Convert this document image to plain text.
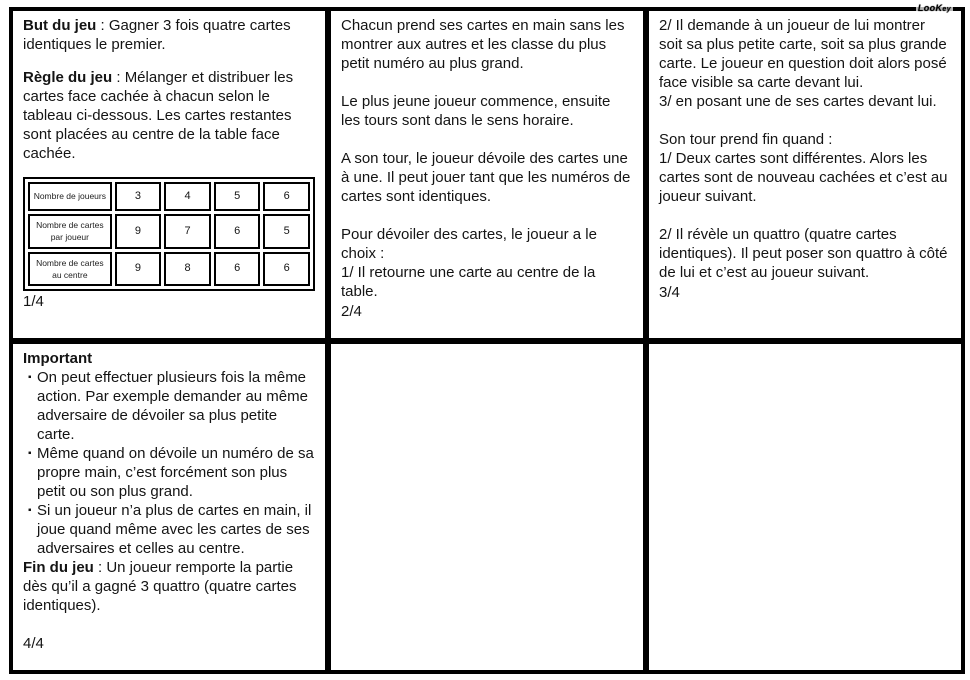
LooKey

But du jeu : Gagner 3 fois quatre cartes identiques le premier.

Règle du jeu : Mélanger et distribuer les cartes face cachée à chacun selon le tableau ci-dessous. Les cartes restantes sont placées au centre de la table face cachée.

Nombre de joueurs	3	4	5	6
Nombre de cartes par joueur	9	7	6	5
Nombre de cartes au centre	9	8	6	6
1/4

Chacun prend ses cartes en main sans les montrer aux autres et les classe du plus petit numéro au plus grand.

Le plus jeune joueur commence, ensuite les tours sont dans le sens horaire.

A son tour, le joueur dévoile des cartes une à une. Il peut jouer tant que les numéros de cartes sont identiques.

Pour dévoiler des cartes, le joueur a le choix :
1/ Il retourne une carte au centre de la table.

2/4

2/ Il demande à un joueur de lui montrer soit sa plus petite carte, soit sa plus grande carte. Le joueur en question doit alors posé face visible sa carte devant lui.
3/ en posant une de ses cartes devant lui.

Son tour prend fin quand :
1/ Deux cartes sont différentes. Alors les cartes sont de nouveau cachées et c’est au joueur suivant.

2/ Il révèle un quattro (quatre cartes identiques). Il peut poser son quattro à côté de lui et c’est au joueur suivant.

3/4
Important
▪ On peut effectuer plusieurs fois la même action. Par exemple demander au même adversaire de dévoiler sa plus petite carte.
▪ Même quand on dévoile un numéro de sa propre main, c’est forcément son plus petit ou son plus grand.
▪ Si un joueur n’a plus de cartes en main, il joue quand même avec les cartes de ses adversaires et celles au centre.

Fin du jeu : Un joueur remporte la partie dès qu’il a gagné 3 quattro (quatre cartes identiques).

4/4
